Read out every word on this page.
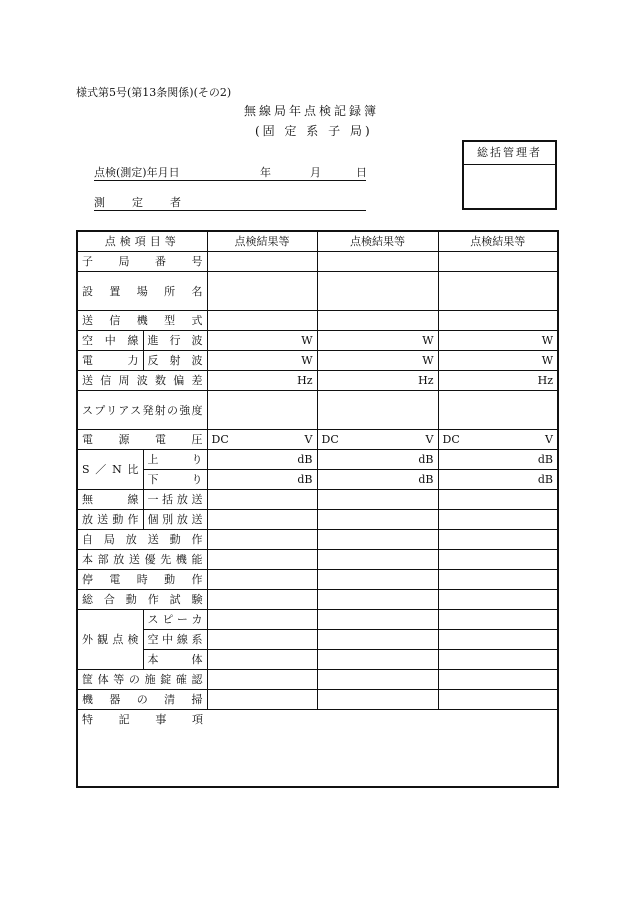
様式第5号(第13条関係)(その2)
無線局年点検記録簿
(固 定 系 子 局)
点検(測定)年月日	年	月	日
測　定　者
総括管理者
点検項目等		点検結果等	点検結果等	点検結果等
子局番号				
設置場所名				
送信機型式				
空中線	進行波	W	W	W
電　　力	反射波	W	W	W
送信周波数偏差		Hz	Hz	Hz
スプリアス発射の強度				
電源電圧		DC V	DC V	DC V

S／N比	上り	dB	dB	dB
	下り	dB	dB	dB
無線	一括放送			
放送動作	個別放送			
自局放送動作				
本部放送優先機能				
停電時動作				
総合動作試験				
外観点検	スピーカ			
	空中線系			
	本体			
筐体等の施錠確認				
機器の清掃				
特記事項				
